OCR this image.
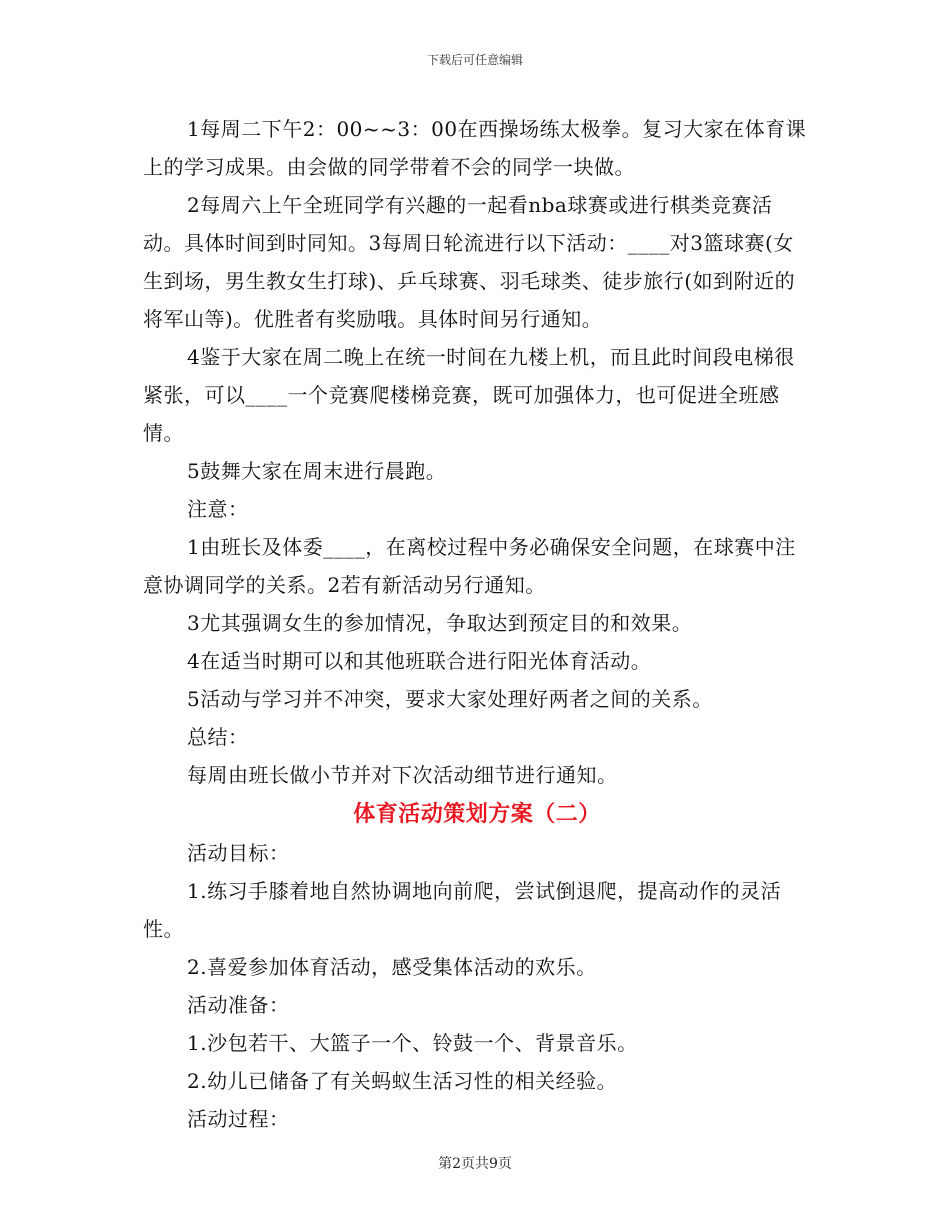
下载后可任意编辑

1每周二下午2：00~~3：00在西操场练太极拳。复习大家在体育课上的学习成果。由会做的同学带着不会的同学一块做。

2每周六上午全班同学有兴趣的一起看nba球赛或进行棋类竞赛活动。具体时间到时同知。3每周日轮流进行以下活动：____对3篮球赛(女生到场，男生教女生打球)、乒乓球赛、羽毛球类、徒步旅行(如到附近的将军山等)。优胜者有奖励哦。具体时间另行通知。

4鉴于大家在周二晚上在统一时间在九楼上机，而且此时间段电梯很紧张，可以____一个竞赛爬楼梯竞赛，既可加强体力，也可促进全班感情。

5鼓舞大家在周末进行晨跑。

注意：

1由班长及体委____，在离校过程中务必确保安全问题，在球赛中注意协调同学的关系。2若有新活动另行通知。

3尤其强调女生的参加情况，争取达到预定目的和效果。

4在适当时期可以和其他班联合进行阳光体育活动。

5活动与学习并不冲突，要求大家处理好两者之间的关系。

总结：

每周由班长做小节并对下次活动细节进行通知。

体育活动策划方案（二）

活动目标：

1.练习手膝着地自然协调地向前爬，尝试倒退爬，提高动作的灵活性。

2.喜爱参加体育活动，感受集体活动的欢乐。

活动准备：

1.沙包若干、大篮子一个、铃鼓一个、背景音乐。

2.幼儿已储备了有关蚂蚁生活习性的相关经验。

活动过程：

第2页共9页
